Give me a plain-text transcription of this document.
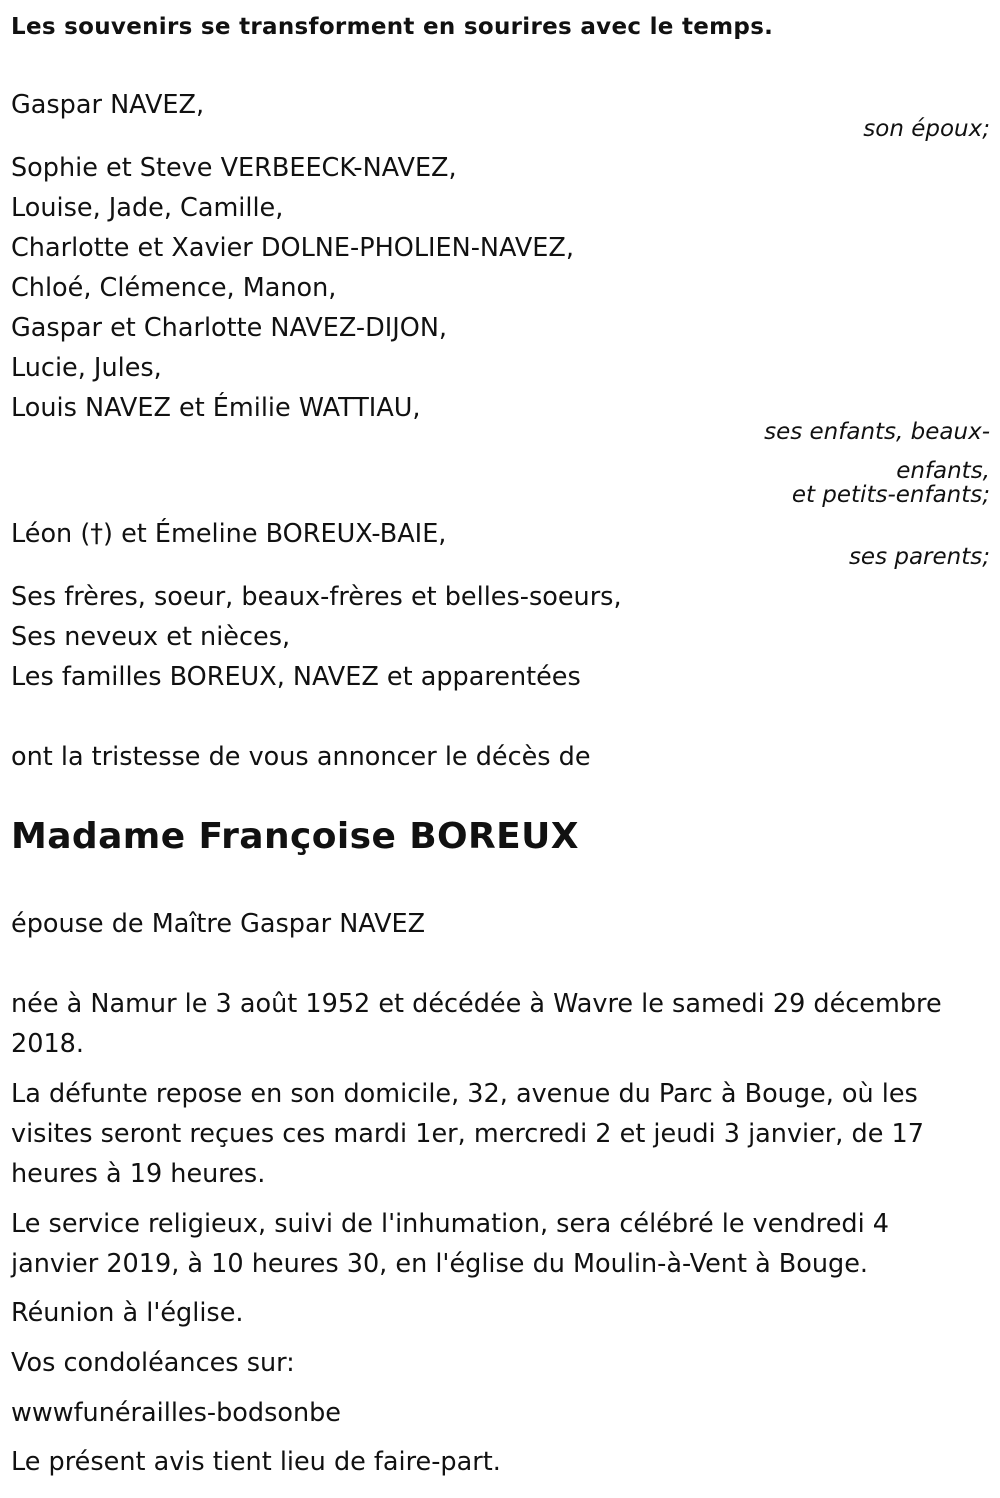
Les souvenirs se transforment en sourires avec le temps.
Gaspar NAVEZ,
son époux;
Sophie et Steve VERBEECK-NAVEZ,
Louise, Jade, Camille,
Charlotte et Xavier DOLNE-PHOLIEN-NAVEZ,
Chloé, Clémence, Manon,
Gaspar et Charlotte NAVEZ-DIJON,
Lucie, Jules,
Louis NAVEZ et Émilie WATTIAU,
ses enfants, beaux-
enfants,
et petits-enfants;
Léon (†) et Émeline BOREUX-BAIE,
ses parents;
Ses frères, soeur, beaux-frères et belles-soeurs,
Ses neveux et nièces,
Les familles BOREUX, NAVEZ et apparentées
ont la tristesse de vous annoncer le décès de
Madame Françoise BOREUX
épouse de Maître Gaspar NAVEZ
née à Namur le 3 août 1952 et décédée à Wavre le samedi 29 décembre 2018.
La défunte repose en son domicile, 32, avenue du Parc à Bouge, où les visites seront reçues ces mardi 1er, mercredi 2 et jeudi 3 janvier, de 17 heures à 19 heures.
Le service religieux, suivi de l'inhumation, sera célébré le vendredi 4 janvier 2019, à 10 heures 30, en l'église du Moulin-à-Vent à Bouge.
Réunion à l'église.
Vos condoléances sur:
wwwfunérailles-bodsonbe
Le présent avis tient lieu de faire-part.
